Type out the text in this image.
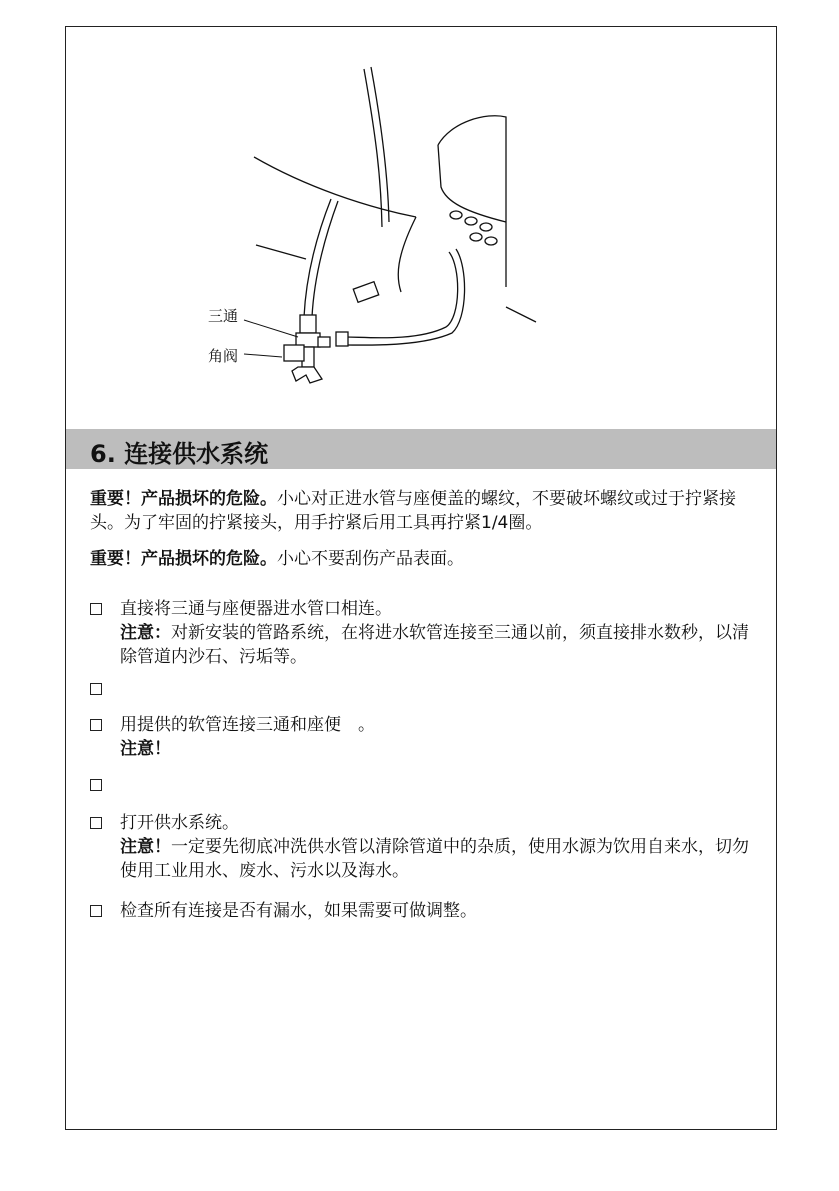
三通
角阀
6. 连接供水系统
重要！产品损坏的危险。小心对正进水管与座便盖的螺纹，不要破坏螺纹或过于拧紧接头。为了牢固的拧紧接头，用手拧紧后用工具再拧紧1/4圈。
重要！产品损坏的危险。小心不要刮伤产品表面。
直接将三通与座便器进水管口相连。
注意：对新安装的管路系统，在将进水软管连接至三通以前，须直接排水数秒，以清除管道内沙石、污垢等。
用提供的软管连接三通和座便　。
注意！
打开供水系统。
注意！一定要先彻底冲洗供水管以清除管道中的杂质，使用水源为饮用自来水，切勿使用工业用水、废水、污水以及海水。
检查所有连接是否有漏水，如果需要可做调整。
